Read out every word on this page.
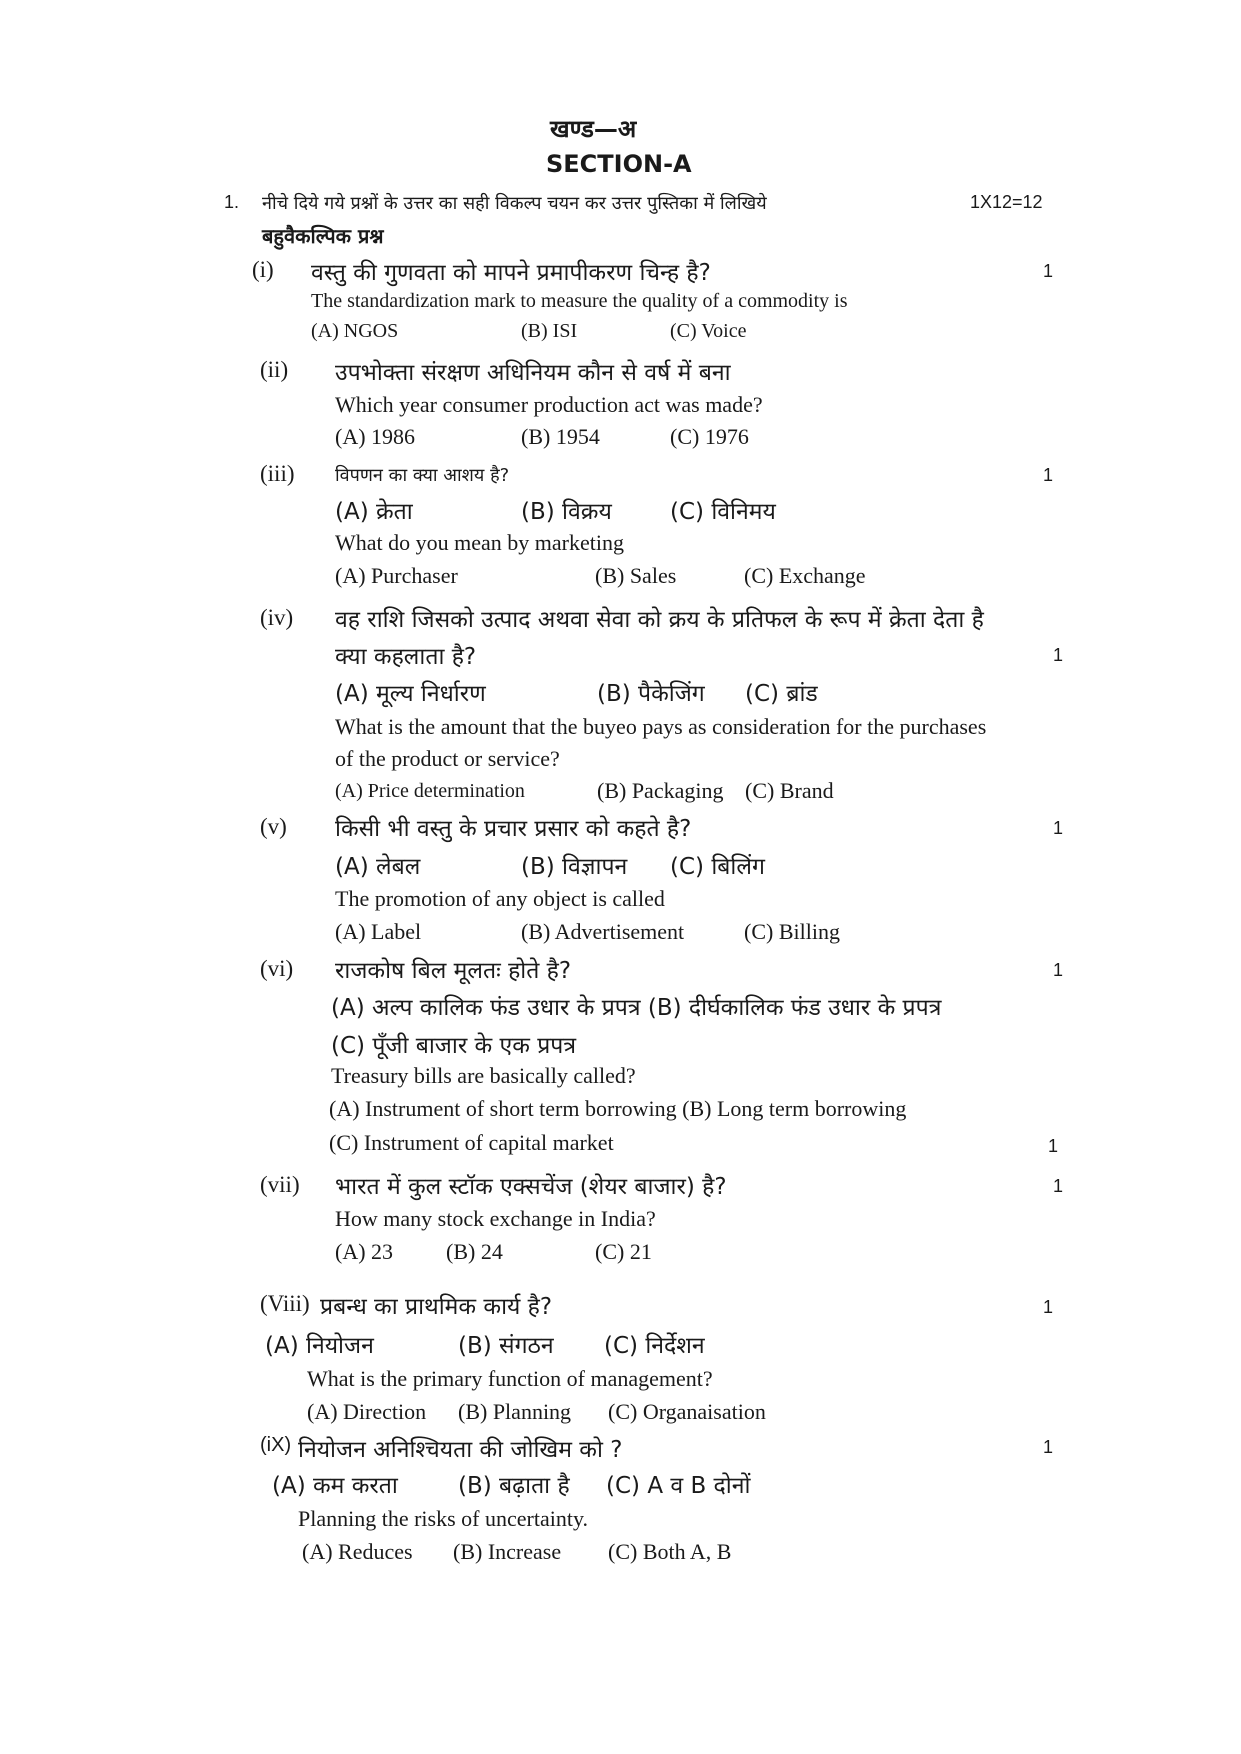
खण्ड—अ
SECTION-A
1. नीचे दिये गये प्रश्नों के उत्तर का सही विकल्प चयन कर उत्तर पुस्तिका में लिखिये	1X12=12
बहुवैकल्पिक प्रश्न
(i) वस्तु की गुणवता को मापने प्रमापीकरण चिन्ह है?	1
The standardization mark to measure the quality of a commodity is
(A) NGOS	(B) ISI	(C) Voice
(ii) उपभोक्ता संरक्षण अधिनियम कौन से वर्ष में बना
Which year consumer production act was made?
(A) 1986	(B) 1954	(C) 1976
(iii) विपणन का क्या आशय है?	1
(A) क्रेता	(B) विक्रय	(C) विनिमय
What do you mean by marketing
(A) Purchaser	(B) Sales	(C) Exchange
(iv) वह राशि जिसको उत्पाद अथवा सेवा को क्रय के प्रतिफल के रूप में क्रेता देता है
क्या कहलाता है?	1
(A) मूल्य निर्धारण	(B) पैकेजिंग (C) ब्रांड
What is the amount that the buyeo pays as consideration for the purchases
of the product or service?
(A) Price determination	(B) Packaging (C) Brand
(v) किसी भी वस्तु के प्रचार प्रसार को कहते है?	1
(A) लेबल	(B) विज्ञापन (C) बिलिंग
The promotion of any object is called
(A) Label	(B) Advertisement	(C) Billing
(vi) राजकोष बिल मूलतः होते है?	1
(A) अल्प कालिक फंड उधार के प्रपत्र (B) दीर्घकालिक फंड उधार के प्रपत्र
(C) पूँजी बाजार के एक प्रपत्र
Treasury bills are basically called?
(A) Instrument of short term borrowing (B) Long term borrowing
(C) Instrument of capital market	1
(vii) भारत में कुल स्टॉक एक्सचेंज (शेयर बाजार) है?	1
How many stock exchange in India?
(A) 23 (B) 24	(C) 21
(Viii) प्रबन्ध का प्राथमिक कार्य है?	1
(A) नियोजन	(B) संगठन (C) निर्देशन
What is the primary function of management?
(A) Direction (B) Planning (C) Organaisation
(iX) नियोजन अनिश्चियता की जोखिम को ?	1
(A) कम करता	(B) बढ़ाता है (C) A व B दोनों
Planning the risks of uncertainty.
(A) Reduces (B) Increase (C) Both A, B
